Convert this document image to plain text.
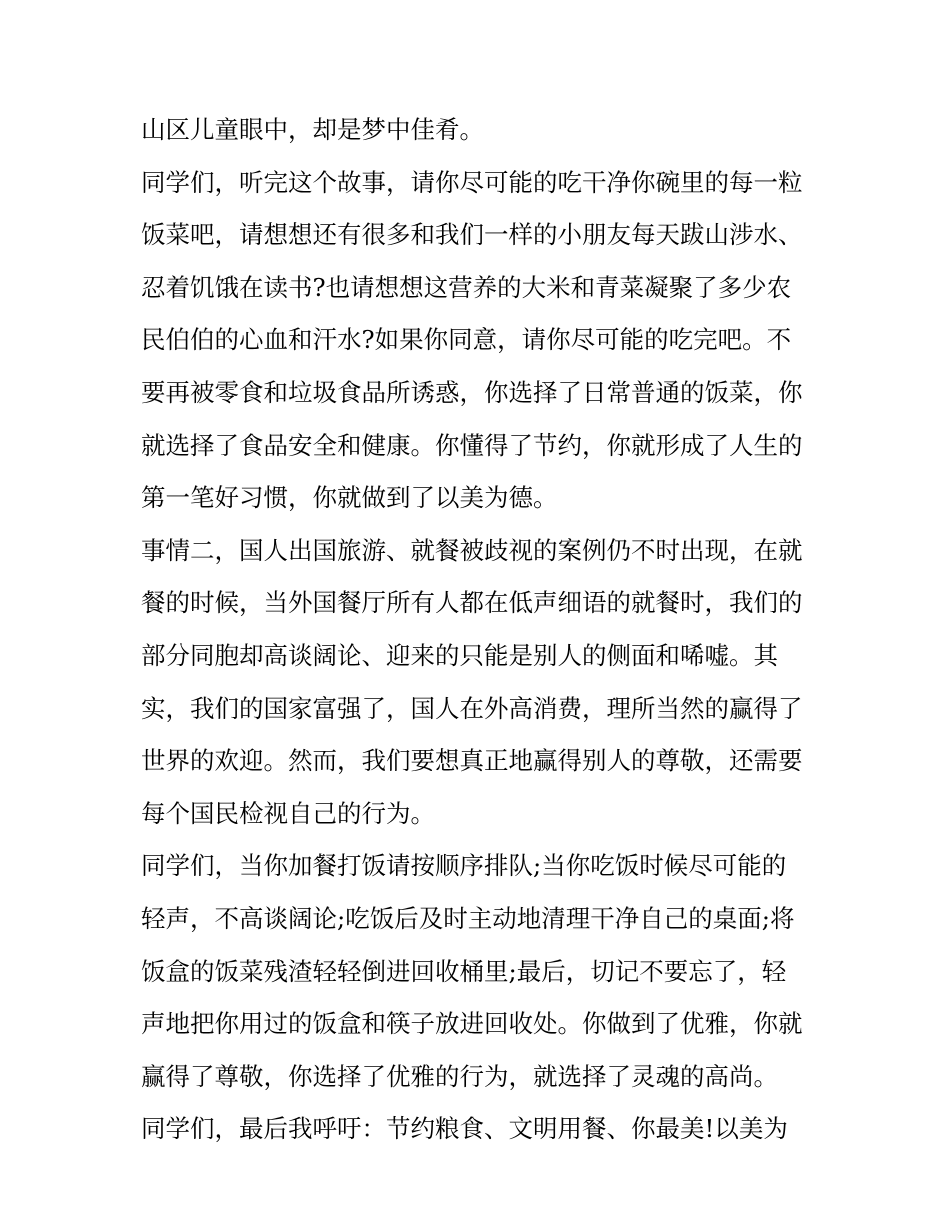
山区儿童眼中，却是梦中佳肴。
同学们，听完这个故事，请你尽可能的吃干净你碗里的每一粒
饭菜吧，请想想还有很多和我们一样的小朋友每天跋山涉水、
忍着饥饿在读书?也请想想这营养的大米和青菜凝聚了多少农
民伯伯的心血和汗水?如果你同意，请你尽可能的吃完吧。不
要再被零食和垃圾食品所诱惑，你选择了日常普通的饭菜，你
就选择了食品安全和健康。你懂得了节约，你就形成了人生的
第一笔好习惯，你就做到了以美为德。
事情二，国人出国旅游、就餐被歧视的案例仍不时出现，在就
餐的时候，当外国餐厅所有人都在低声细语的就餐时，我们的
部分同胞却高谈阔论、迎来的只能是别人的侧面和唏嘘。其
实，我们的国家富强了，国人在外高消费，理所当然的赢得了
世界的欢迎。然而，我们要想真正地赢得别人的尊敬，还需要
每个国民检视自己的行为。
同学们，当你加餐打饭请按顺序排队;当你吃饭时候尽可能的
轻声，不高谈阔论;吃饭后及时主动地清理干净自己的桌面;将
饭盒的饭菜残渣轻轻倒进回收桶里;最后，切记不要忘了，轻
声地把你用过的饭盒和筷子放进回收处。你做到了优雅，你就
赢得了尊敬，你选择了优雅的行为，就选择了灵魂的高尚。
同学们，最后我呼吁：节约粮食、文明用餐、你最美!以美为
